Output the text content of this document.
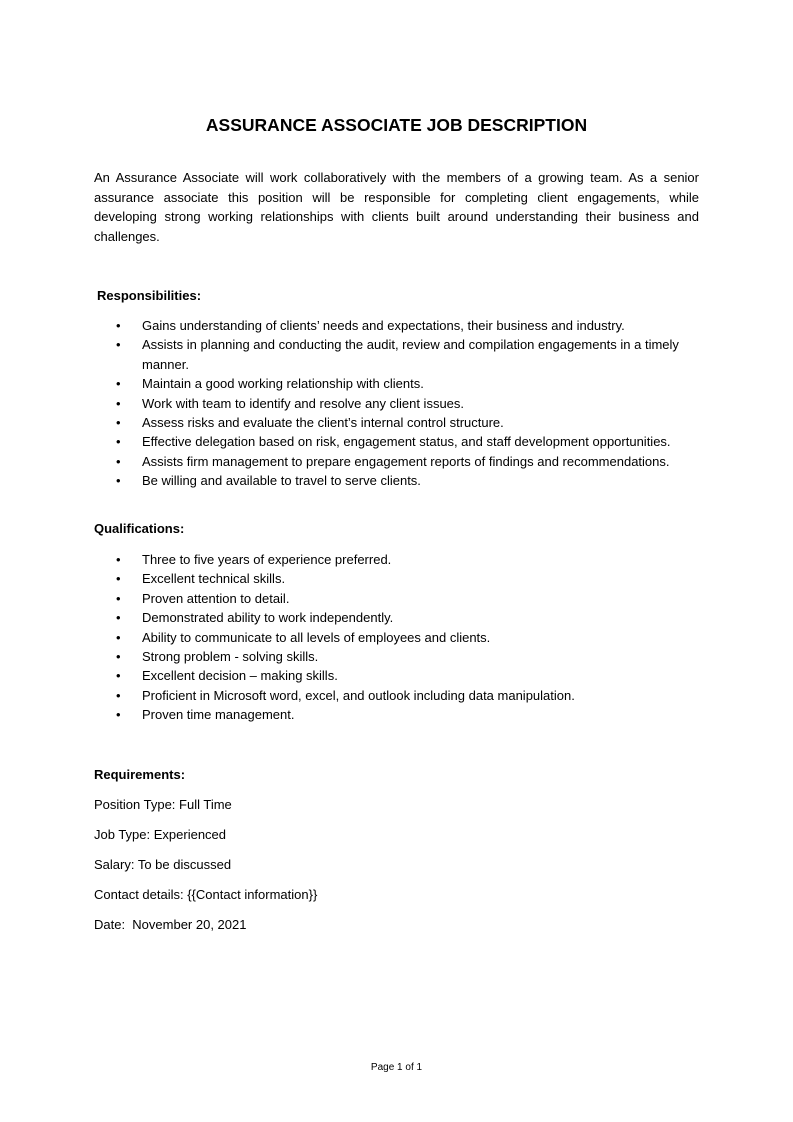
ASSURANCE ASSOCIATE JOB DESCRIPTION

An Assurance Associate will work collaboratively with the members of a growing team. As a senior assurance associate this position will be responsible for completing client engagements, while developing strong working relationships with clients built around understanding their business and challenges.

Responsibilities:
• Gains understanding of clients’ needs and expectations, their business and industry.
• Assists in planning and conducting the audit, review and compilation engagements in a timely manner.
• Maintain a good working relationship with clients.
• Work with team to identify and resolve any client issues.
• Assess risks and evaluate the client’s internal control structure.
• Effective delegation based on risk, engagement status, and staff development opportunities.
• Assists firm management to prepare engagement reports of findings and recommendations.
• Be willing and available to travel to serve clients.
Qualifications:
• Three to five years of experience preferred.
• Excellent technical skills.
• Proven attention to detail.
• Demonstrated ability to work independently.
• Ability to communicate to all levels of employees and clients.
• Strong problem - solving skills.
• Excellent decision – making skills.
• Proficient in Microsoft word, excel, and outlook including data manipulation.
• Proven time management.
Requirements:
Position Type: Full Time
Job Type: Experienced
Salary: To be discussed
Contact details: {{Contact information}}
Date:  November 20, 2021
Page 1 of 1
